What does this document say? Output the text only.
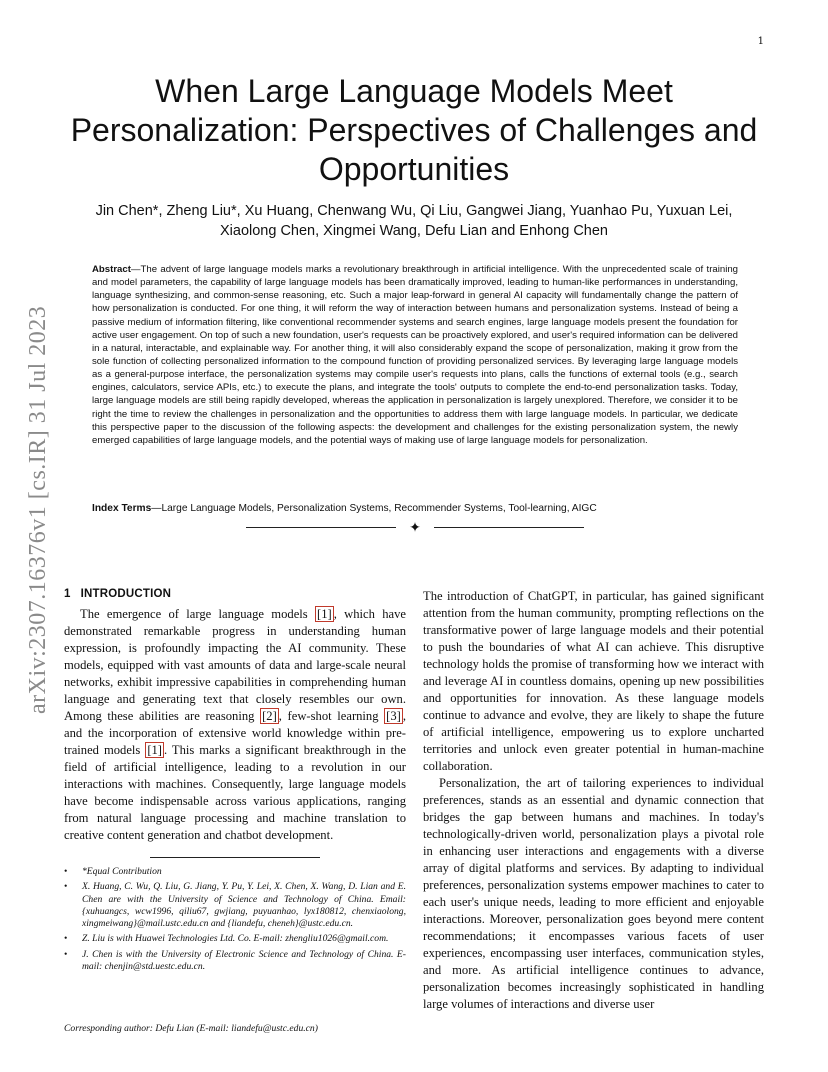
1
arXiv:2307.16376v1 [cs.IR] 31 Jul 2023
When Large Language Models Meet Personalization: Perspectives of Challenges and Opportunities
Jin Chen*, Zheng Liu*, Xu Huang, Chenwang Wu, Qi Liu, Gangwei Jiang, Yuanhao Pu, Yuxuan Lei,
Xiaolong Chen, Xingmei Wang, Defu Lian and Enhong Chen
Abstract—The advent of large language models marks a revolutionary breakthrough in artificial intelligence. With the unprecedented scale of training and model parameters, the capability of large language models has been dramatically improved, leading to human-like performances in understanding, language synthesizing, and common-sense reasoning, etc. Such a major leap-forward in general AI capacity will fundamentally change the pattern of how personalization is conducted. For one thing, it will reform the way of interaction between humans and personalization systems. Instead of being a passive medium of information filtering, like conventional recommender systems and search engines, large language models present the foundation for active user engagement. On top of such a new foundation, user's requests can be proactively explored, and user's required information can be delivered in a natural, interactable, and explainable way. For another thing, it will also considerably expand the scope of personalization, making it grow from the sole function of collecting personalized information to the compound function of providing personalized services. By leveraging large language models as a general-purpose interface, the personalization systems may compile user's requests into plans, calls the functions of external tools (e.g., search engines, calculators, service APIs, etc.) to execute the plans, and integrate the tools' outputs to complete the end-to-end personalization tasks. Today, large language models are still being rapidly developed, whereas the application in personalization is largely unexplored. Therefore, we consider it to be right the time to review the challenges in personalization and the opportunities to address them with large language models. In particular, we dedicate this perspective paper to the discussion of the following aspects: the development and challenges for the existing personalization system, the newly emerged capabilities of large language models, and the potential ways of making use of large language models for personalization.
Index Terms—Large Language Models, Personalization Systems, Recommender Systems, Tool-learning, AIGC
✦
1 INTRODUCTION

The emergence of large language models [1] , which have demonstrated remarkable progress in understanding human expression, is profoundly impacting the AI community. These models, equipped with vast amounts of data and large-scale neural networks, exhibit impressive capabilities in comprehending human language and generating text that closely resembles our own. Among these abilities are reasoning [2] , few-shot learning [3] , and the incorporation of extensive world knowledge within pre-trained models [1] . This marks a significant breakthrough in the field of artificial intelligence, leading to a revolution in our interactions with machines. Consequently, large language models have become indispensable across various applications, ranging from natural language processing and machine translation to creative content generation and chatbot development.

• *Equal Contribution
• X. Huang, C. Wu, Q. Liu, G. Jiang, Y. Pu, Y. Lei, X. Chen, X. Wang, D. Lian and E. Chen are with the University of Science and Technology of China. Email: {xuhuangcs, wcw1996, qiliu67, gwjiang, puyuanhao, lyx180812, chenxiaolong, xingmeiwang}@mail.ustc.edu.cn and {liandefu, cheneh}@ustc.edu.cn.
• Z. Liu is with Huawei Technologies Ltd. Co. E-mail: zhengliu1026@gmail.com.
• J. Chen is with the University of Electronic Science and Technology of China. E-mail: chenjin@std.uestc.edu.cn.
Corresponding author: Defu Lian (E-mail: liandefu@ustc.edu.cn)

The introduction of ChatGPT, in particular, has gained significant attention from the human community, prompting reflections on the transformative power of large language models and their potential to push the boundaries of what AI can achieve. This disruptive technology holds the promise of transforming how we interact with and leverage AI in countless domains, opening up new possibilities and opportunities for innovation. As these language models continue to advance and evolve, they are likely to shape the future of artificial intelligence, empowering us to explore uncharted territories and unlock even greater potential in human-machine collaboration.

Personalization, the art of tailoring experiences to individual preferences, stands as an essential and dynamic connection that bridges the gap between humans and machines. In today's technologically-driven world, personalization plays a pivotal role in enhancing user interactions and engagements with a diverse array of digital platforms and services. By adapting to individual preferences, personalization systems empower machines to cater to each user's unique needs, leading to more efficient and enjoyable interactions. Moreover, personalization goes beyond mere content recommendations; it encompasses various facets of user experiences, encompassing user interfaces, communication styles, and more. As artificial intelligence continues to advance, personalization becomes increasingly sophisticated in handling large volumes of interactions and diverse user
